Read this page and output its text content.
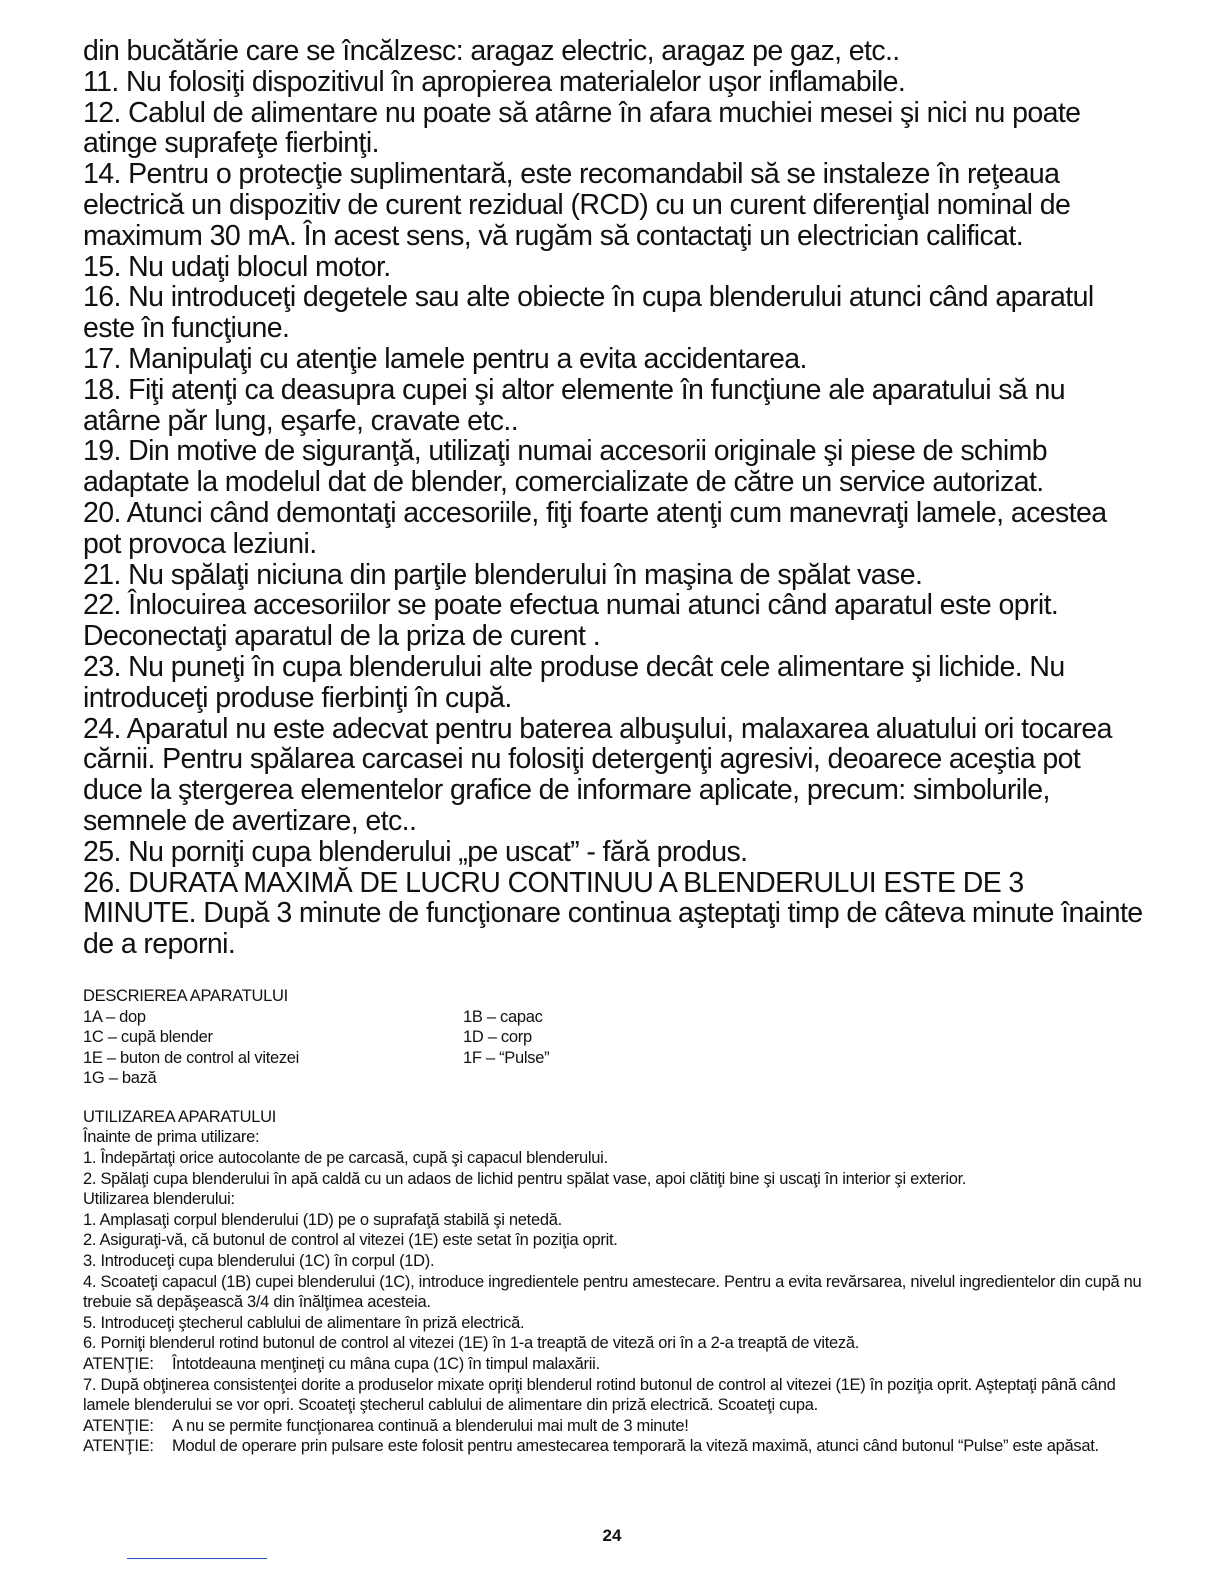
din bucătărie care se încălzesc: aragaz electric, aragaz pe gaz, etc..

11. Nu folosiţi dispozitivul în apropierea materialelor uşor inflamabile.

12. Cablul de alimentare nu poate să atârne în afara muchiei mesei şi nici nu poate atinge suprafeţe fierbinţi.

14. Pentru o protecţie suplimentară, este recomandabil să se instaleze în reţeaua electrică un dispozitiv de curent rezidual (RCD) cu un curent diferenţial nominal de maximum 30 mA. În acest sens, vă rugăm să contactaţi un electrician calificat.

15. Nu udaţi blocul motor.

16. Nu introduceţi degetele sau alte obiecte în cupa blenderului atunci când aparatul este în funcţiune.

17. Manipulaţi cu atenţie lamele pentru a evita accidentarea.

18. Fiţi atenţi ca deasupra cupei şi altor elemente în funcţiune ale aparatului să nu atârne păr lung, eşarfe, cravate etc..

19. Din motive de siguranţă, utilizaţi numai accesorii originale şi piese de schimb adaptate la modelul dat de blender, comercializate de către un service autorizat.

20. Atunci când demontaţi accesoriile, fiţi foarte atenţi cum manevraţi lamele, acestea pot provoca leziuni.

21. Nu spălaţi niciuna din parţile blenderului în maşina de spălat vase.

22. Înlocuirea accesoriilor se poate efectua numai atunci când aparatul este oprit. Deconectaţi aparatul de la priza de curent .

23. Nu puneţi în cupa blenderului alte produse decât cele alimentare şi lichide. Nu introduceţi produse fierbinţi în cupă.

24. Aparatul nu este adecvat pentru baterea albuşului, malaxarea aluatului ori tocarea cărnii. Pentru spălarea carcasei nu folosiţi detergenţi agresivi, deoarece aceştia pot duce la ştergerea elementelor grafice de informare aplicate, precum: simbolurile, semnele de avertizare, etc..

25. Nu porniţi cupa blenderului „pe uscat” - fără produs.

26. DURATA MAXIMĂ DE LUCRU CONTINUU A BLENDERULUI ESTE DE 3 MINUTE. După 3 minute de funcţionare continua aşteptaţi timp de câteva minute înainte de a reporni.

DESCRIEREA APARATULUI

1A – dop	1B – capac
1C – cupă blender	1D – corp
1E – buton de control al vitezei	1F – “Pulse”
1G – bază

UTILIZAREA APARATULUI

Înainte de prima utilizare:

1. Îndepărtaţi orice autocolante de pe carcasă, cupă şi capacul blenderului.

2. Spălaţi cupa blenderului în apă caldă cu un adaos de lichid pentru spălat vase, apoi clătiţi bine şi uscaţi în interior şi exterior.

Utilizarea blenderului:

1. Amplasaţi corpul blenderului (1D) pe o suprafaţă stabilă şi netedă.

2. Asiguraţi-vă, că butonul de control al vitezei (1E) este setat în poziţia oprit.

3. Introduceţi cupa blenderului (1C) în corpul (1D).

4. Scoateţi capacul (1B) cupei blenderului (1C), introduce ingredientele pentru amestecare. Pentru a evita revărsarea, nivelul ingredientelor din cupă nu trebuie să depăşească 3/4 din înălţimea acesteia.

5. Introduceţi ştecherul cablului de alimentare în priză electrică.

6. Porniţi blenderul rotind butonul de control al vitezei (1E) în 1-a treaptă de viteză ori în a 2-a treaptă de viteză.

ATENŢIE:	Întotdeauna menţineţi cu mâna cupa (1C) în timpul malaxării.

7. După obţinerea consistenţei dorite a produselor mixate opriţi blenderul rotind butonul de control al vitezei (1E) în poziţia oprit. Aşteptaţi până când lamele blenderului se vor opri. Scoateţi ştecherul cablului de alimentare din priză electrică. Scoateţi cupa.

ATENŢIE:	A nu se permite funcţionarea continuă a blenderului mai mult de 3 minute!
ATENŢIE:	Modul de operare prin pulsare este folosit pentru amestecarea temporară la viteză maximă, atunci când butonul “Pulse” este apăsat.
24
